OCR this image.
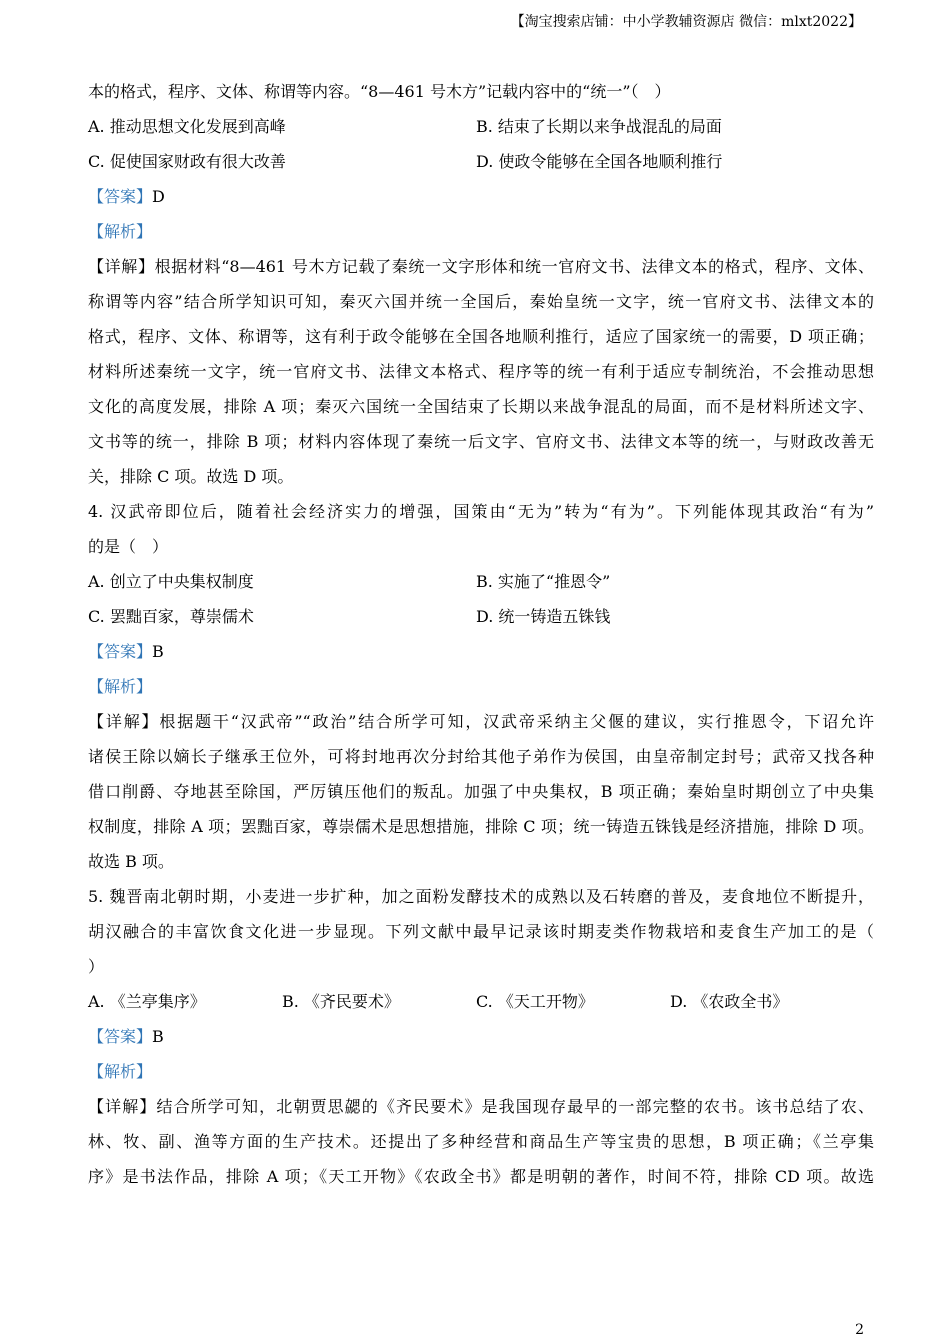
【淘宝搜索店铺：中小学教辅资源店 微信：mlxt2022】
本的格式，程序、文体、称谓等内容。“8—461 号木方”记载内容中的“统一”（　）
A. 推动思想文化发展到高峰	B. 结束了长期以来争战混乱的局面
C. 促使国家财政有很大改善	D. 使政令能够在全国各地顺利推行
【答案】D
【解析】
【详解】根据材料“8—461 号木方记载了秦统一文字形体和统一官府文书、法律文本的格式，程序、文体、
称谓等内容”结合所学知识可知，秦灭六国并统一全国后，秦始皇统一文字，统一官府文书、法律文本的
格式，程序、文体、称谓等，这有利于政令能够在全国各地顺利推行，适应了国家统一的需要，D 项正确；
材料所述秦统一文字，统一官府文书、法律文本格式、程序等的统一有利于适应专制统治，不会推动思想
文化的高度发展，排除 A 项；秦灭六国统一全国结束了长期以来战争混乱的局面，而不是材料所述文字、
文书等的统一，排除 B 项；材料内容体现了秦统一后文字、官府文书、法律文本等的统一，与财政改善无
关，排除 C 项。故选 D 项。
4. 汉武帝即位后，随着社会经济实力的增强，国策由“无为”转为“有为”。下列能体现其政治“有为”
的是（　）
A. 创立了中央集权制度	B. 实施了“推恩令”
C. 罢黜百家，尊崇儒术	D. 统一铸造五铢钱
【答案】B
【解析】
【详解】根据题干“汉武帝”“政治”结合所学可知，汉武帝采纳主父偃的建议，实行推恩令，下诏允许
诸侯王除以嫡长子继承王位外，可将封地再次分封给其他子弟作为侯国，由皇帝制定封号；武帝又找各种
借口削爵、夺地甚至除国，严厉镇压他们的叛乱。加强了中央集权，B 项正确；秦始皇时期创立了中央集
权制度，排除 A 项；罢黜百家，尊崇儒术是思想措施，排除 C 项；统一铸造五铢钱是经济措施，排除 D 项。
故选 B 项。
5. 魏晋南北朝时期，小麦进一步扩种，加之面粉发酵技术的成熟以及石转磨的普及，麦食地位不断提升，
胡汉融合的丰富饮食文化进一步显现。下列文献中最早记录该时期麦类作物栽培和麦食生产加工的是（
）
A. 《兰亭集序》	B. 《齐民要术》	C. 《天工开物》	D. 《农政全书》
【答案】B
【解析】
【详解】结合所学可知，北朝贾思勰的《齐民要术》是我国现存最早的一部完整的农书。该书总结了农、
林、牧、副、渔等方面的生产技术。还提出了多种经营和商品生产等宝贵的思想，B 项正确；《兰亭集
序》是书法作品，排除 A 项；《天工开物》《农政全书》都是明朝的著作，时间不符，排除 CD 项。故选
2
